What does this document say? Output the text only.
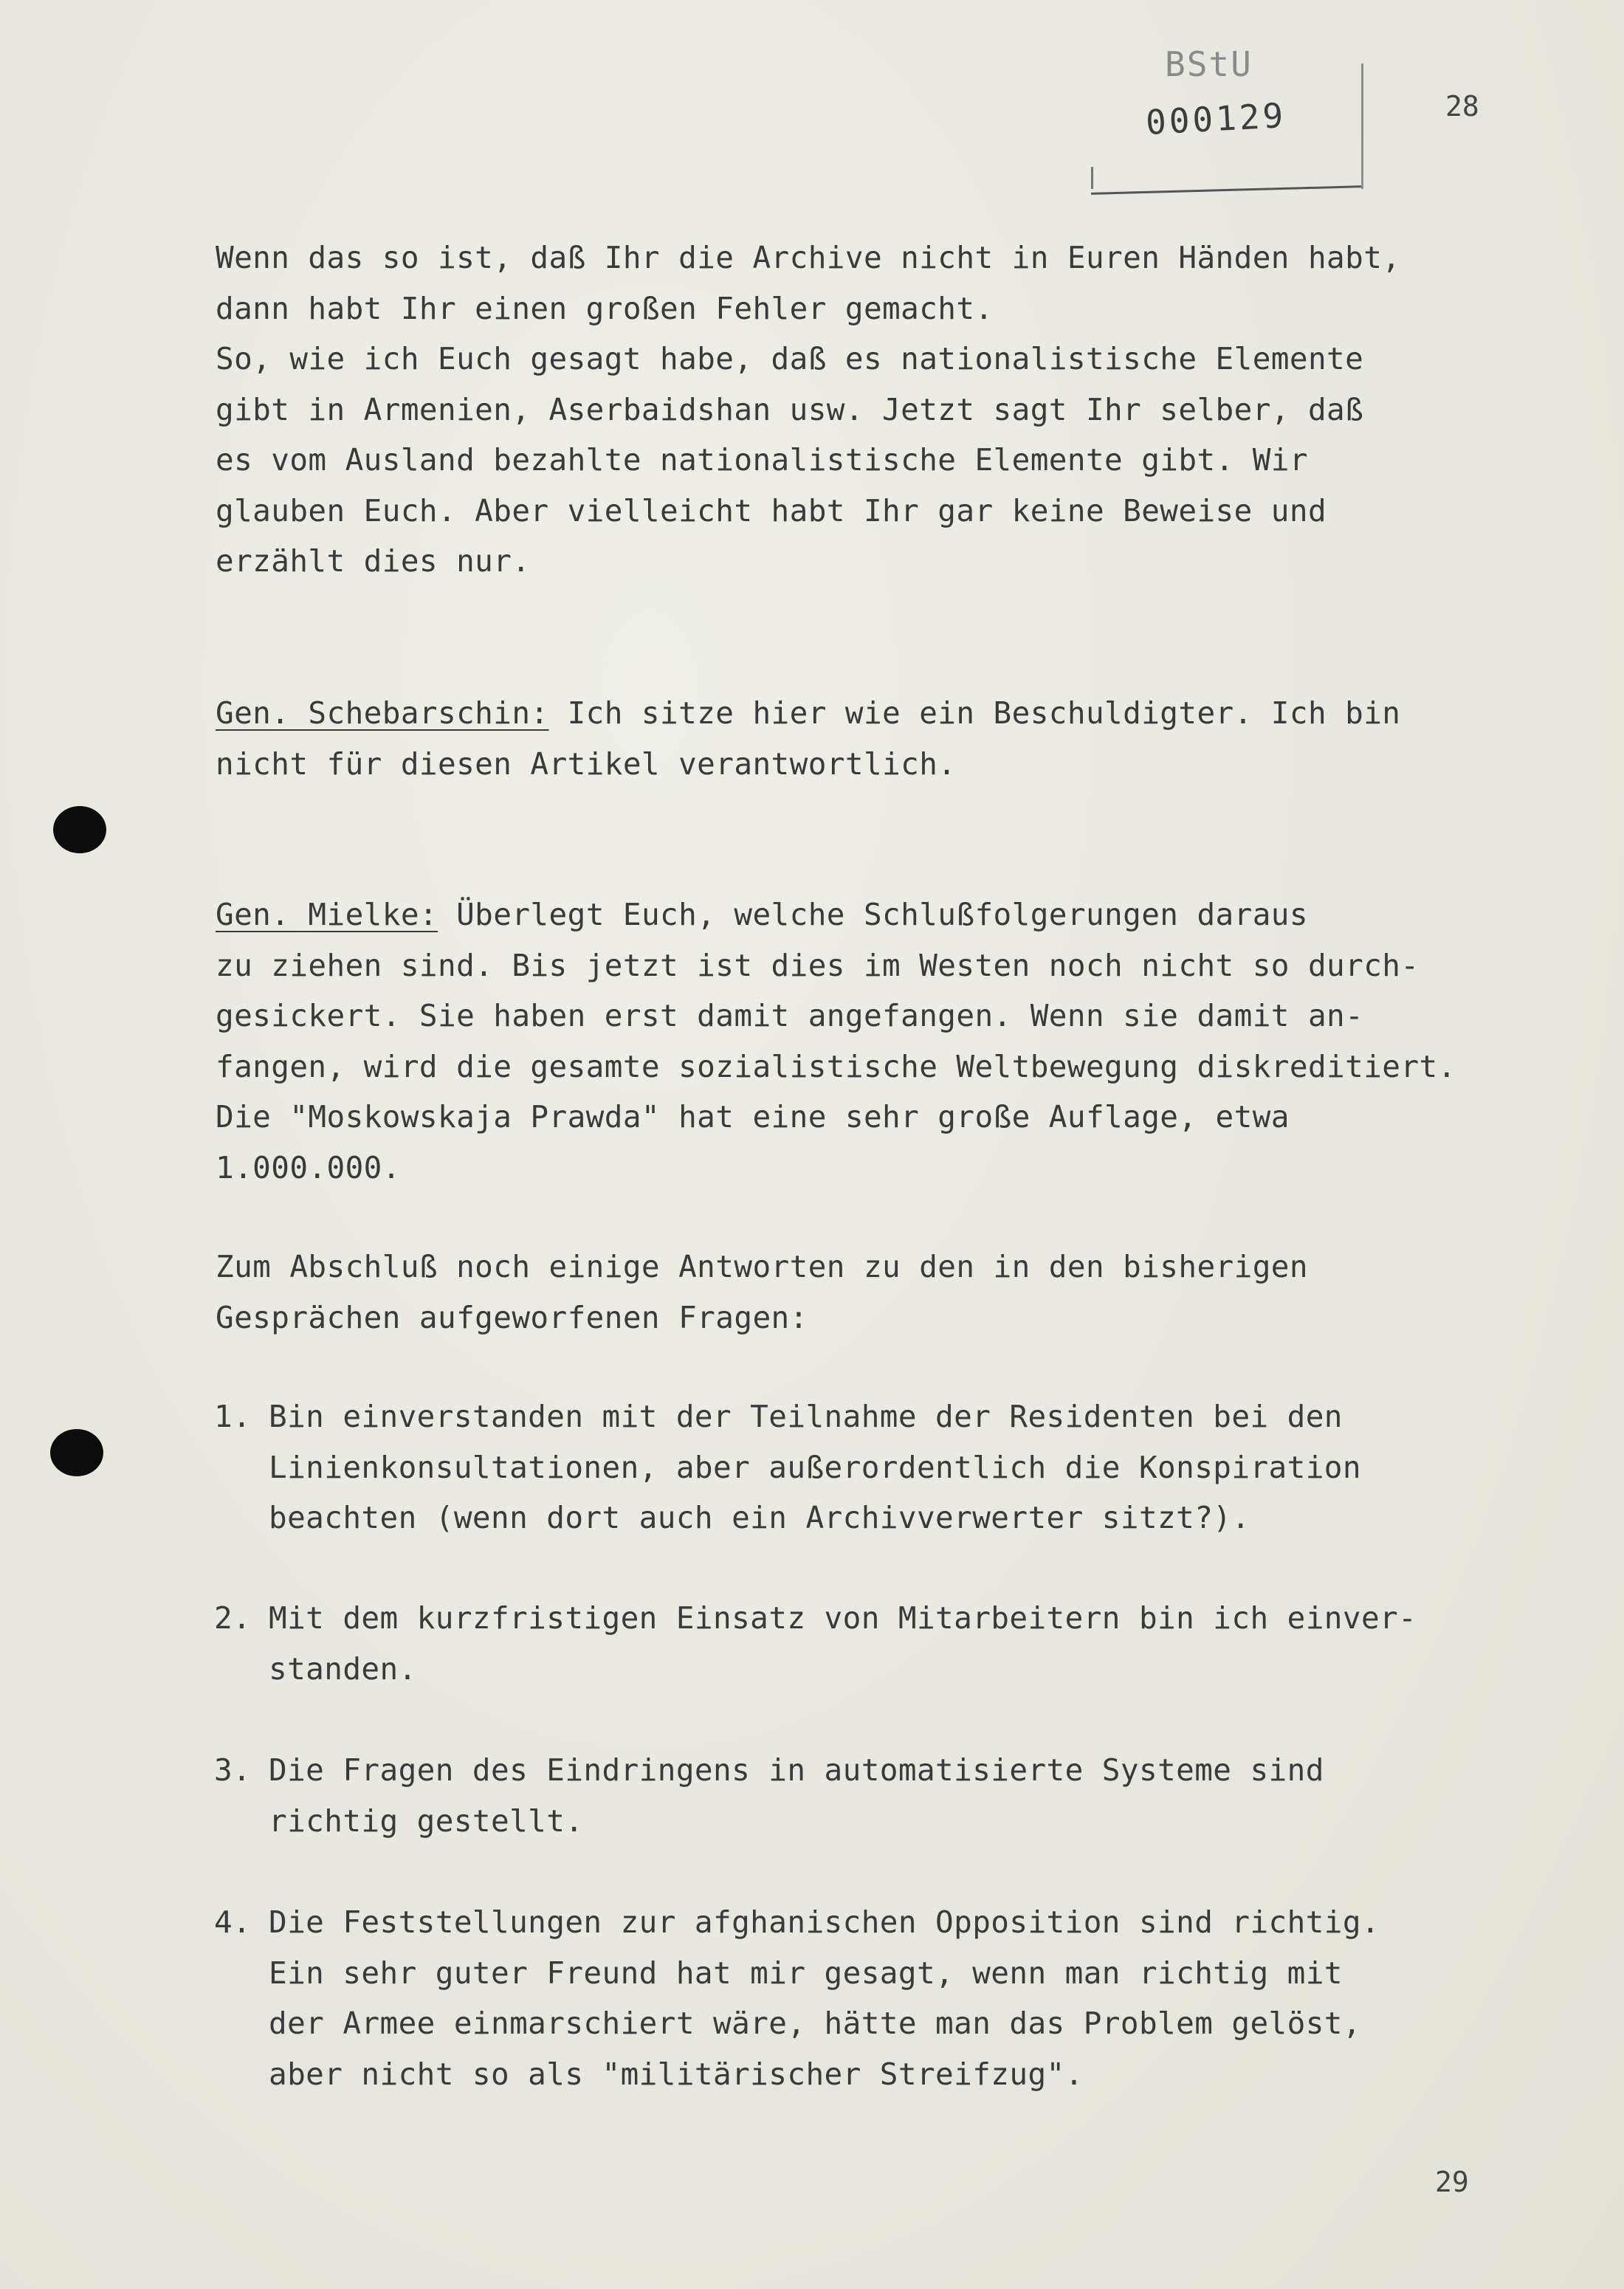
BStU
000129	28
Wenn das so ist, daß Ihr die Archive nicht in Euren Händen habt,
dann habt Ihr einen großen Fehler gemacht.
So, wie ich Euch gesagt habe, daß es nationalistische Elemente
gibt in Armenien, Aserbaidshan usw. Jetzt sagt Ihr selber, daß
es vom Ausland bezahlte nationalistische Elemente gibt. Wir
glauben Euch. Aber vielleicht habt Ihr gar keine Beweise und
erzählt dies nur.
Gen. Schebarschin: Ich sitze hier wie ein Beschuldigter. Ich bin
nicht für diesen Artikel verantwortlich.
Gen. Mielke: Überlegt Euch, welche Schlußfolgerungen daraus
zu ziehen sind. Bis jetzt ist dies im Westen noch nicht so durch-
gesickert. Sie haben erst damit angefangen. Wenn sie damit an-
fangen, wird die gesamte sozialistische Weltbewegung diskreditiert.
Die "Moskowskaja Prawda" hat eine sehr große Auflage, etwa
1.000.000.
Zum Abschluß noch einige Antworten zu den in den bisherigen
Gesprächen aufgeworfenen Fragen:
1. Bin einverstanden mit der Teilnahme der Residenten bei den
Linienkonsultationen, aber außerordentlich die Konspiration
beachten (wenn dort auch ein Archivverwerter sitzt?).
2. Mit dem kurzfristigen Einsatz von Mitarbeitern bin ich einver-
standen.
3. Die Fragen des Eindringens in automatisierte Systeme sind
richtig gestellt.
4. Die Feststellungen zur afghanischen Opposition sind richtig.
Ein sehr guter Freund hat mir gesagt, wenn man richtig mit
der Armee einmarschiert wäre, hätte man das Problem gelöst,
aber nicht so als "militärischer Streifzug".
29
